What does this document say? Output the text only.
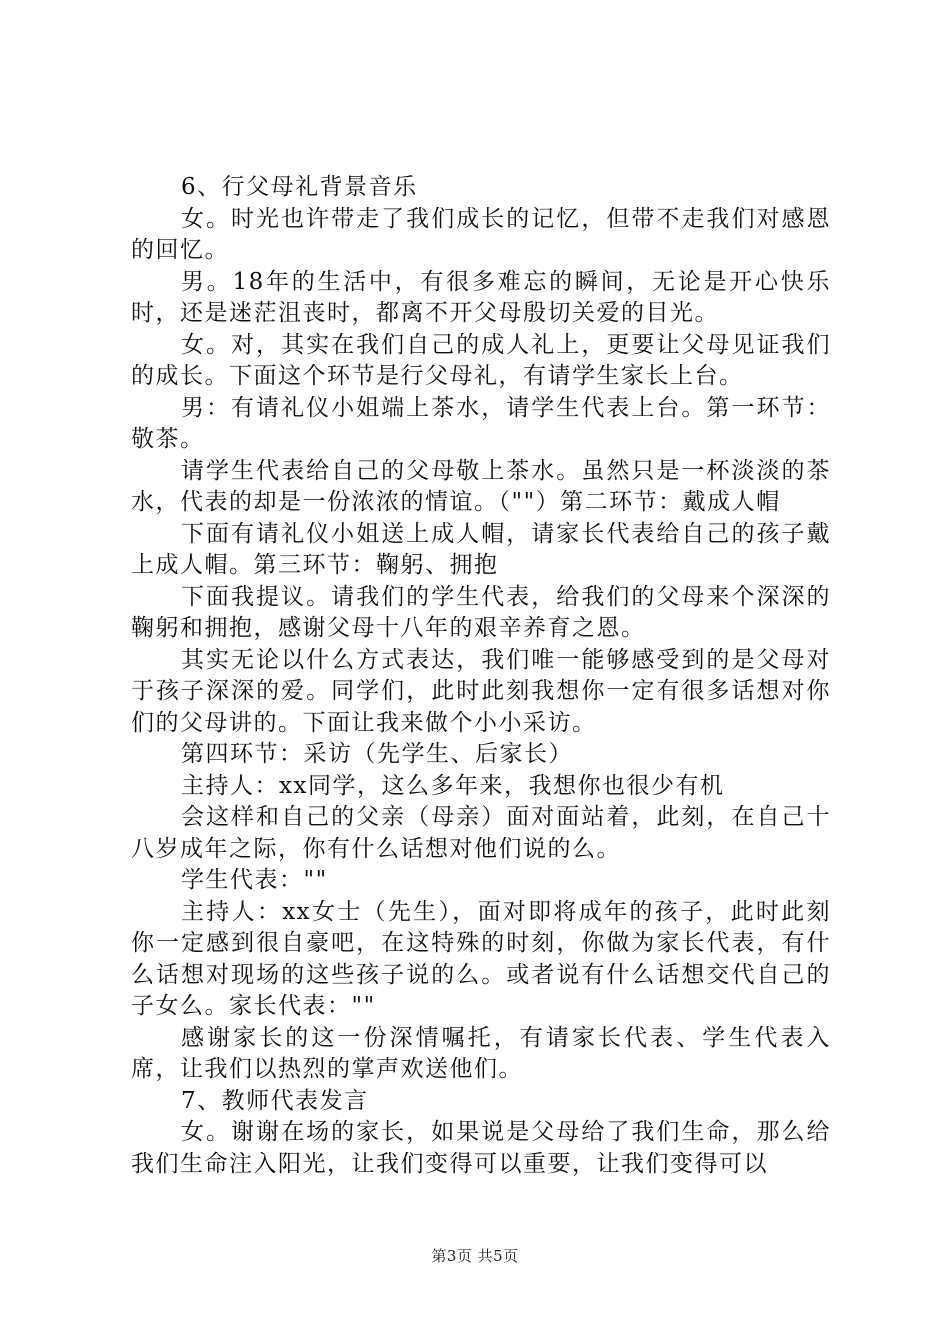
6、行父母礼背景音乐

女。时光也许带走了我们成长的记忆，但带不走我们对感恩的回忆。

男。18年的生活中，有很多难忘的瞬间，无论是开心快乐时，还是迷茫沮丧时，都离不开父母殷切关爱的目光。

女。对，其实在我们自己的成人礼上，更要让父母见证我们的成长。下面这个环节是行父母礼，有请学生家长上台。

男：有请礼仪小姐端上茶水，请学生代表上台。第一环节：敬茶。

请学生代表给自己的父母敬上茶水。虽然只是一杯淡淡的茶水，代表的却是一份浓浓的情谊。（""）第二环节：戴成人帽

下面有请礼仪小姐送上成人帽，请家长代表给自己的孩子戴上成人帽。第三环节：鞠躬、拥抱

下面我提议。请我们的学生代表，给我们的父母来个深深的鞠躬和拥抱，感谢父母十八年的艰辛养育之恩。

其实无论以什么方式表达，我们唯一能够感受到的是父母对于孩子深深的爱。同学们，此时此刻我想你一定有很多话想对你们的父母讲的。下面让我来做个小小采访。

第四环节：采访（先学生、后家长）

主持人：xx同学，这么多年来，我想你也很少有机

会这样和自己的父亲（母亲）面对面站着，此刻，在自己十八岁成年之际，你有什么话想对他们说的么。

学生代表：""

主持人：xx女士（先生），面对即将成年的孩子，此时此刻你一定感到很自豪吧，在这特殊的时刻，你做为家长代表，有什么话想对现场的这些孩子说的么。或者说有什么话想交代自己的子女么。家长代表：""

感谢家长的这一份深情嘱托，有请家长代表、学生代表入席，让我们以热烈的掌声欢送他们。

7、教师代表发言

女。谢谢在场的家长，如果说是父母给了我们生命，那么给我们生命注入阳光，让我们变得可以重要，让我们变得可以

第3页 共5页
